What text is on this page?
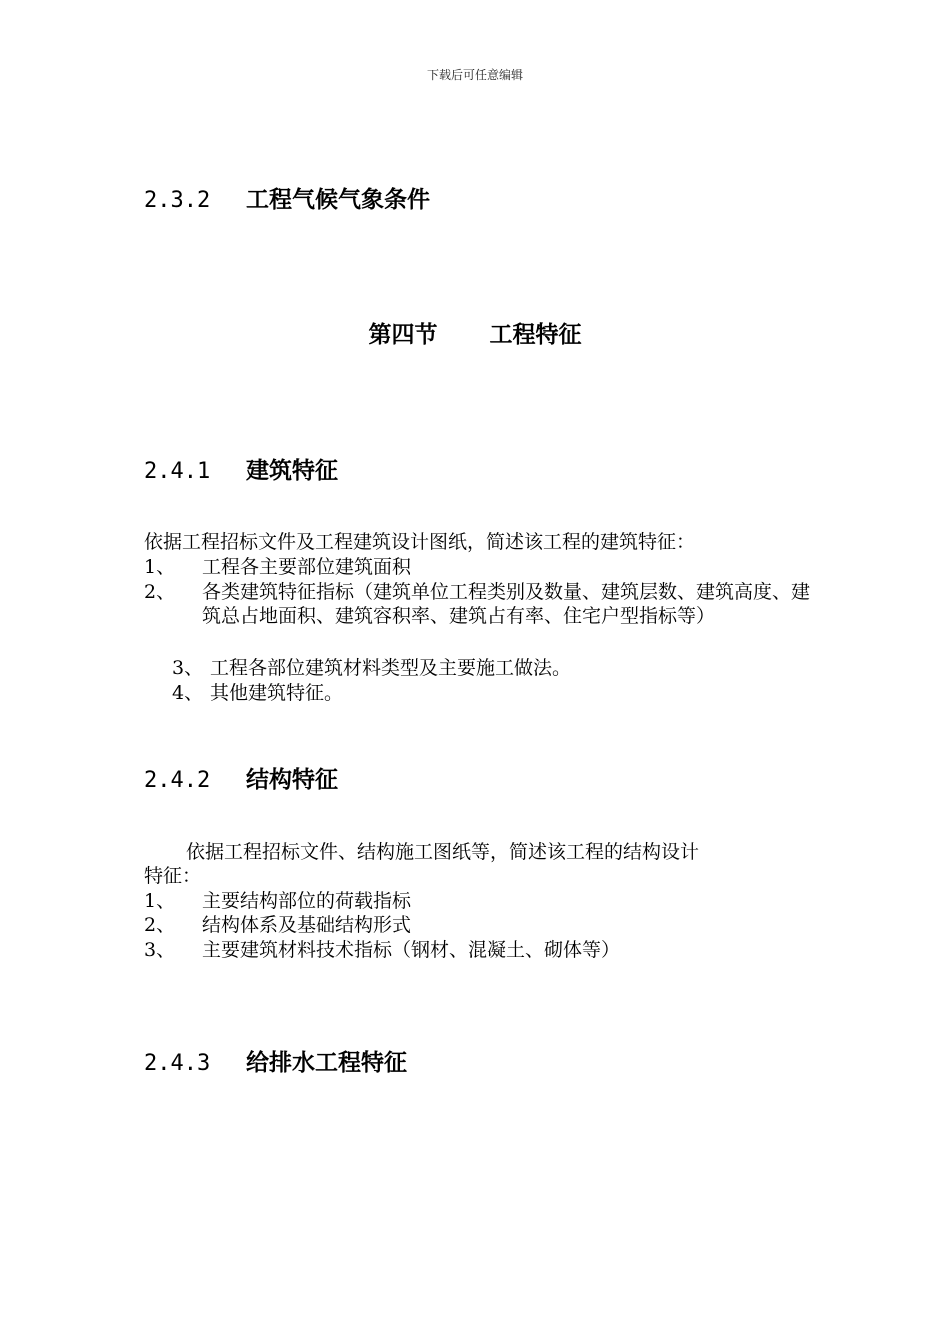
下载后可任意编辑
2.3.2 工程气候气象条件
第四节 工程特征
2.4.1 建筑特征
依据工程招标文件及工程建筑设计图纸，简述该工程的建筑特征：
1、 工程各主要部位建筑面积
2、 各类建筑特征指标（建筑单位工程类别及数量、建筑层数、建筑高度、建筑总占地面积、建筑容积率、建筑占有率、住宅户型指标等）
3、 工程各部位建筑材料类型及主要施工做法。
4、 其他建筑特征。
2.4.2 结构特征
依据工程招标文件、结构施工图纸等，简述该工程的结构设计
特征：
1、 主要结构部位的荷载指标
2、 结构体系及基础结构形式
3、 主要建筑材料技术指标（钢材、混凝土、砌体等）
2.4.3 给排水工程特征
